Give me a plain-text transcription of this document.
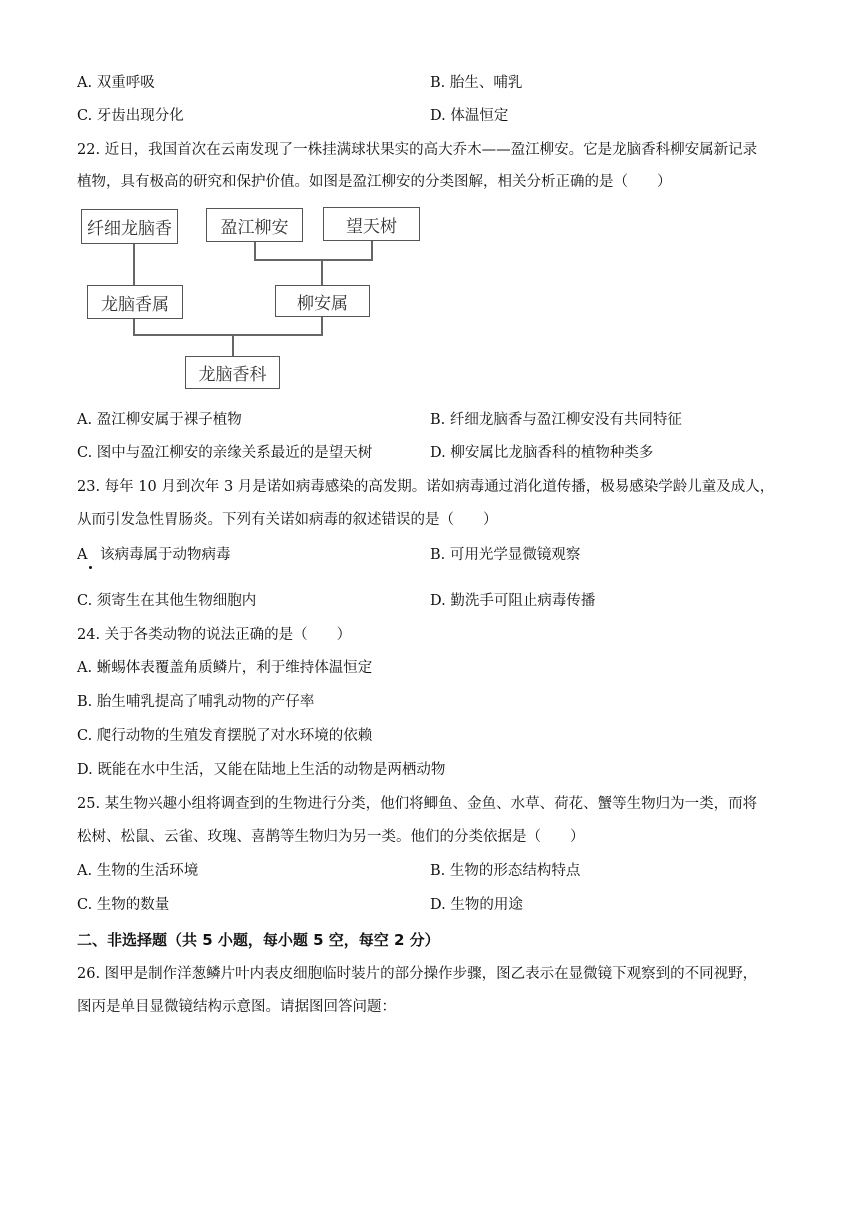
A. 双重呼吸	B. 胎生、哺乳
C. 牙齿出现分化	D. 体温恒定
22. 近日，我国首次在云南发现了一株挂满球状果实的高大乔木——盈江柳安。它是龙脑香科柳安属新记录
植物，具有极高的研究和保护价值。如图是盈江柳安的分类图解，相关分析正确的是（　　）
纤细龙脑香	盈江柳安	望天树
龙脑香属	柳安属
龙脑香科
A. 盈江柳安属于裸子植物	B. 纤细龙脑香与盈江柳安没有共同特征
C. 图中与盈江柳安的亲缘关系最近的是望天树	D. 柳安属比龙脑香科的植物种类多
23. 每年 10 月到次年 3 月是诺如病毒感染的高发期。诺如病毒通过消化道传播，极易感染学龄儿童及成人，
从而引发急性胃肠炎。下列有关诺如病毒的叙述错误的是（　　）
A 该病毒属于动物病毒	B. 可用光学显微镜观察
C. 须寄生在其他生物细胞内	D. 勤洗手可阻止病毒传播
24. 关于各类动物的说法正确的是（　　）
A. 蜥蜴体表覆盖角质鳞片，利于维持体温恒定
B. 胎生哺乳提高了哺乳动物的产仔率
C. 爬行动物的生殖发育摆脱了对水环境的依赖
D. 既能在水中生活，又能在陆地上生活的动物是两栖动物
25. 某生物兴趣小组将调查到的生物进行分类，他们将鲫鱼、金鱼、水草、荷花、蟹等生物归为一类，而将
松树、松鼠、云雀、玫瑰、喜鹊等生物归为另一类。他们的分类依据是（　　）
A. 生物的生活环境	B. 生物的形态结构特点
C. 生物的数量	D. 生物的用途
二、非选择题（共 5 小题，每小题 5 空，每空 2 分）
26. 图甲是制作洋葱鳞片叶内表皮细胞临时装片的部分操作步骤，图乙表示在显微镜下观察到的不同视野，
图丙是单目显微镜结构示意图。请据图回答问题：
